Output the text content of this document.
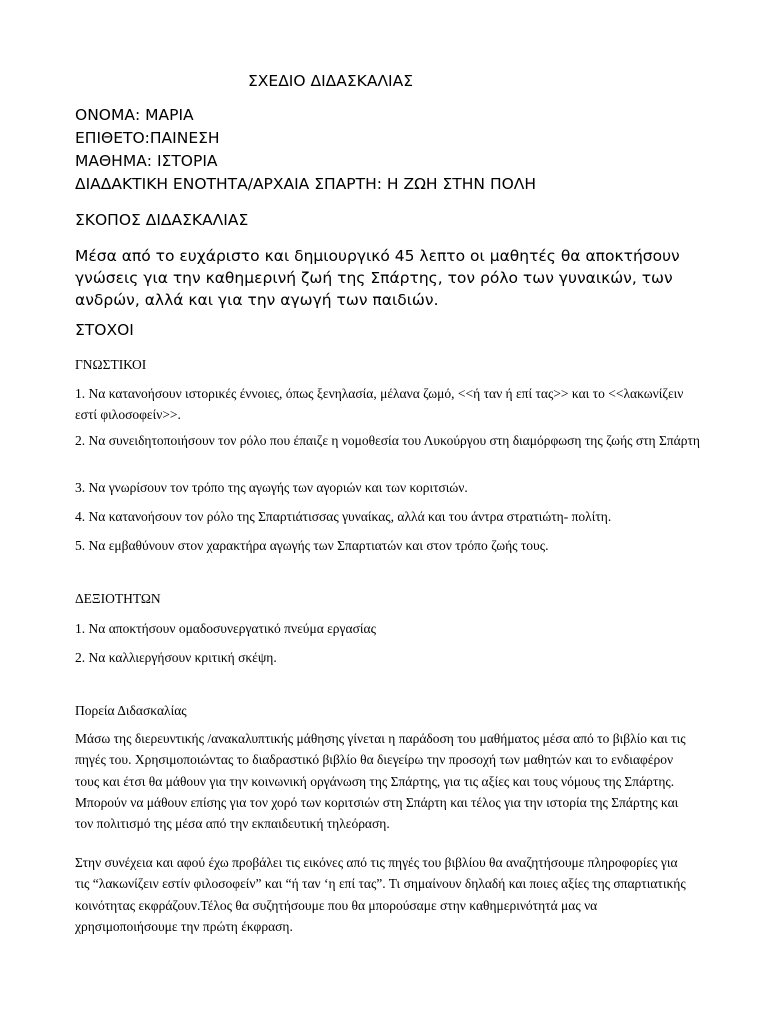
ΣΧΕΔΙΟ ΔΙΔΑΣΚΑΛΙΑΣ
ΟΝΟΜΑ: ΜΑΡΙΑ
ΕΠΙΘΕΤΟ:ΠΑΙΝΕΣΗ
ΜΑΘΗΜΑ: ΙΣΤΟΡΙΑ
ΔΙΑΔΑΚΤΙΚΗ ΕΝΟΤΗΤΑ/ΑΡΧΑΙΑ ΣΠΑΡΤΗ: Η ΖΩΗ ΣΤΗΝ ΠΟΛΗ
ΣΚΟΠΟΣ ΔΙΔΑΣΚΑΛΙΑΣ

Μέσα από το ευχάριστο και δημιουργικό 45 λεπτο οι μαθητές θα αποκτήσουν γνώσεις για την καθημερινή ζωή της Σπάρτης, τον ρόλο των γυναικών, των ανδρών, αλλά και για την αγωγή των παιδιών.

ΣΤΟΧΟΙ
ΓΝΩΣΤΙΚΟΙ

1. Να κατανοήσουν ιστορικές έννοιες, όπως ξενηλασία, μέλανα ζωμό, <<ή ταν ή επί τας>> και το <<λακωνίζειν εστί φιλοσοφείν>>.

2. Να συνειδητοποιήσουν τον ρόλο που έπαιζε η νομοθεσία του Λυκούργου στη διαμόρφωση της ζωής στη Σπάρτη

3. Να γνωρίσουν τον τρόπο της αγωγής των αγοριών και των κοριτσιών.

4. Να κατανοήσουν τον ρόλο της Σπαρτιάτισσας γυναίκας, αλλά και του άντρα στρατιώτη- πολίτη.

5. Να εμβαθύνουν στον χαρακτήρα αγωγής των Σπαρτιατών και στον τρόπο ζωής τους.

ΔΕΞΙΟΤΗΤΩΝ

1. Να αποκτήσουν ομαδοσυνεργατικό πνεύμα εργασίας

2. Να καλλιεργήσουν κριτική σκέψη.

Πορεία Διδασκαλίας

Μάσω της διερευντικής /ανακαλυπτικής μάθησης γίνεται η παράδοση του μαθήματος μέσα από το βιβλίο και τις πηγές του. Χρησιμοποιώντας το διαδραστικό βιβλίο θα διεγείρω την προσοχή των μαθητών και το ενδιαφέρον τους και έτσι θα μάθουν για την κοινωνική οργάνωση της Σπάρτης, για τις αξίες και τους νόμους της Σπάρτης. Μπορούν να μάθουν επίσης για τον χορό των κοριτσιών στη Σπάρτη και τέλος για την ιστορία της Σπάρτης και τον πολιτισμό της μέσα από την εκπαιδευτική τηλεόραση.

Στην συνέχεια και αφού έχω προβάλει τις εικόνες από τις πηγές του βιβλίου θα αναζητήσουμε πληροφορίες για τις “λακωνίζειν εστίν φιλοσοφείν” και “ή ταν ‘η επί τας”. Τι σημαίνουν δηλαδή και ποιες αξίες της σπαρτιατικής κοινότητας εκφράζουν.Τέλος θα συζητήσουμε που θα μπορούσαμε στην καθημερινότητά μας να χρησιμοποιήσουμε την πρώτη έκφραση.
